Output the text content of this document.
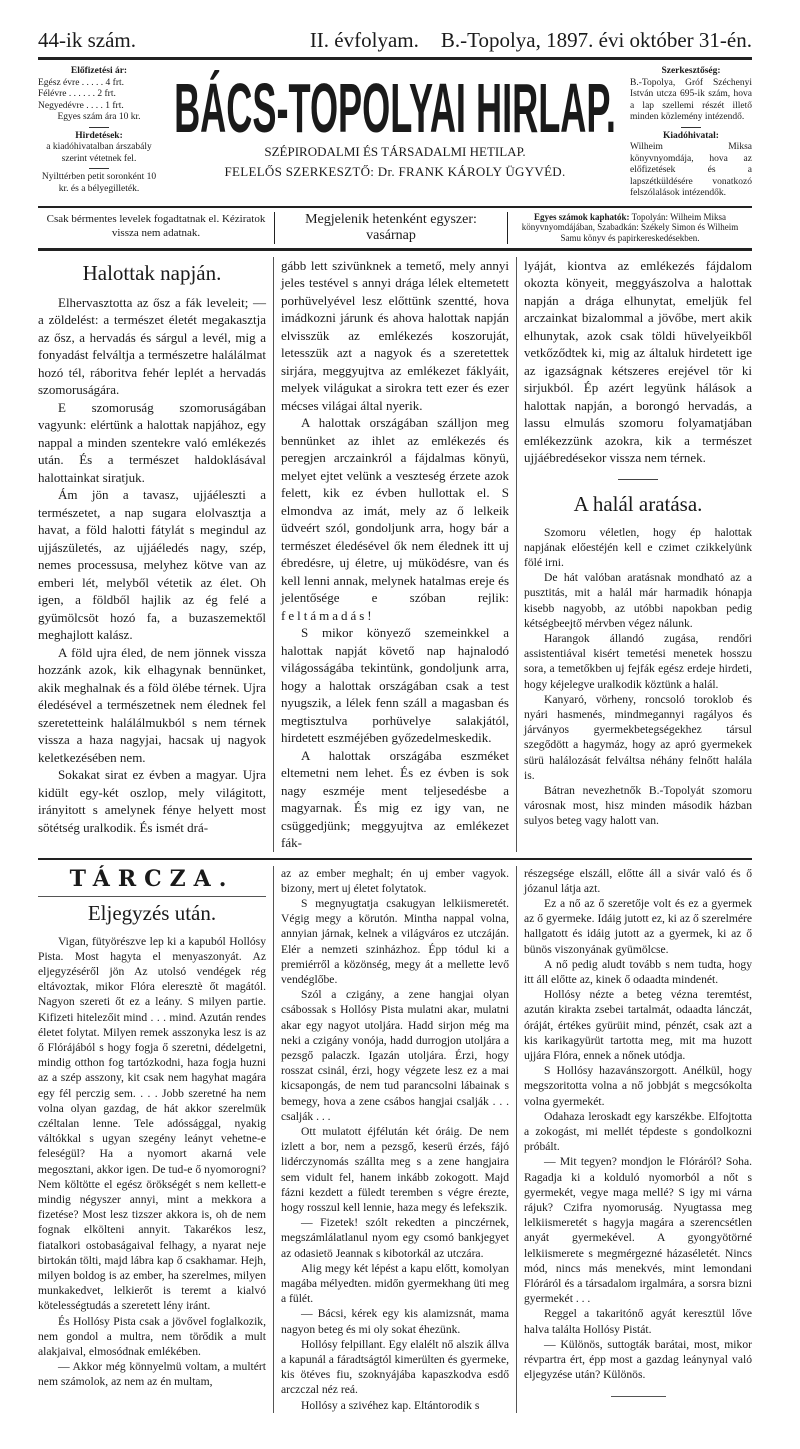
44-ik szám.	II. évfolyam. B.-Topolya, 1897. évi október 31-én.
Előfizetési ár:
Egész évre . . . . . 4 frt.
Félévre . . . . . . 2 frt.
Negyedévre . . . . 1 frt.
Egyes szám ára 10 kr.
Hirdetések:
a kiadóhivatalban árszabály szerint vétetnek fel.
Nyilttérben petit soronként 10 kr. és a bélyegilleték.
BÁCS-TOPOLYAI HIRLAP.
SZÉPIRODALMI ÉS TÁRSADALMI HETILAP.
FELELŐS SZERKESZTŐ: Dr. FRANK KÁROLY ÜGYVÉD.
Szerkesztőség:
B.-Topolya, Gróf Széchenyi István utcza 695-ik szám, hova a lap szellemi részét illető minden közlemény intézendő.
Kiadóhivatal:
Wilheim Miksa könyvnyomdája, hova az előfizetések és a lapszétküldésére vonatkozó felszólalások intézendők.
Csak bérmentes levelek fogadtatnak el. Kéziratok vissza nem adatnak.
Megjelenik hetenként egyszer:
vasárnap
Egyes számok kaphatók: Topolyán: Wilheim Miksa könyvnyomdájában, Szabadkán: Székely Simon és Wilheim Samu könyv és papirkereskedésekben.
Halottak napján.

Elhervasztotta az ősz a fák leveleit; — a zöldelést: a természet életét megakasztja az ősz, a hervadás és sárgul a levél, mig a fonyadást felváltja a természetre halálálmat hozó tél, ráboritva fehér leplét a hervadás szomoruságára.

E szomoruság szomoruságában vagyunk: elértünk a halottak napjához, egy nappal a minden szentekre való emlékezés után. És a természet haldoklásával halottainkat siratjuk.

Ám jön a tavasz, ujjáéleszti a természetet, a nap sugara elolvasztja a havat, a föld halotti fátylát s megindul az ujjászületés, az ujjáéledés nagy, szép, nemes processusa, melyhez kötve van az emberi lét, melyből vétetik az élet. Oh igen, a földből hajlik az ég felé a gyümölcsöt hozó fa, a buzaszemektől meghajlott kalász.

A föld ujra éled, de nem jönnek vissza hozzánk azok, kik elhagynak bennünket, akik meghalnak és a föld ölébe térnek. Ujra éledésével a természetnek nem élednek fel szeretetteink halálálmukból s nem térnek vissza a haza nagyjai, hacsak uj nagyok keletkezésében nem.

Sokakat sirat ez évben a magyar. Ujra kidült egy-két oszlop, mely világitott, irányitott s amelynek fénye helyett most sötétség uralkodik. És ismét drá-

gább lett szivünknek a temető, mely annyi jeles testével s annyi drága lélek eltemetett porhüvelyével lesz előttünk szentté, hova imádkozni járunk és ahova halottak napján elvisszük az emlékezés koszoruját, letesszük azt a nagyok és a szeretettek sirjára, meggyujtva az emlékezet fáklyáit, melyek világukat a sirokra tett ezer és ezer mécses világai által nyerik.

A halottak országában szálljon meg bennünket az ihlet az emlékezés és peregjen arczainkról a fájdalmas könyü, melyet ejtet velünk a veszteség érzete azok felett, kik ez évben hullottak el. S elmondva az imát, mely az ő lelkeik üdveért szól, gondoljunk arra, hogy bár a természet éledésével ők nem élednek itt uj ébredésre, uj életre, uj müködésre, van és kell lenni annak, melynek hatalmas ereje és jelentősége e szóban rejlik: feltámadás!

S mikor könyező szemeinkkel a halottak napját követő nap hajnalodó világosságába tekintünk, gondoljunk arra, hogy a halottak országában csak a test nyugszik, a lélek fenn száll a magasban és megtisztulva porhüvelye salakjától, hirdetett eszméjében győzedelmeskedik.

A halottak országába eszméket eltemetni nem lehet. És ez évben is sok nagy eszméje ment teljesedésbe a magyarnak. És mig ez igy van, ne csüggedjünk; meggyujtva az emlékezet fák-

lyáját, kiontva az emlékezés fájdalom okozta könyeit, meggyászolva a halottak napján a drága elhunytat, emeljük fel arczainkat bizalommal a jövőbe, mert akik elhunytak, azok csak töldi hüvelyeikből vetkőződtek ki, mig az általuk hirdetett ige az igazságnak kétszeres erejével tör ki sirjukból. Ép azért legyünk hálások a halottak napján, a borongó hervadás, a lassu elmulás szomoru folyamatjában emlékezzünk azokra, kik a természet ujjáébredésekor vissza nem térnek.

A halál aratása.

Szomoru véletlen, hogy ép halottak napjának előestéjén kell e czimet czikkelyünk fölé irni.

De hát valóban aratásnak mondható az a pusztitás, mit a halál már harmadik hónapja kisebb nagyobb, az utóbbi napokban pedig kétségbeejtő mérvben végez nálunk.

Harangok állandó zugása, rendőri assistentiával kisért temetési menetek hosszu sora, a temetőkben uj fejfák egész erdeje hirdeti, hogy kéjelegve uralkodik köztünk a halál.

Kanyaró, vörheny, roncsoló toroklob és nyári hasmenés, mindmegannyi ragályos és járványos gyermekbetegségekhez társul szegődött a hagymáz, hogy az apró gyermekek sürü halálozását felváltsa néhány felnőtt halála is.

Bátran nevezhetnők B.-Topolyát szomoru városnak most, hisz minden második házban sulyos beteg vagy halott van.

TÁRCZA.
Eljegyzés után.

Vigan, fütyörészve lep ki a kapuból Hollósy Pista. Most hagyta el menyaszonyát. Az eljegyzéséről jön Az utolsó vendégek rég eltávoztak, mikor Flóra eleresztè őt magától. Nagyon szereti őt ez a leány. S milyen partie. Kifizeti hitelezőit mind . . . mind. Azután rendes életet folytat. Milyen remek asszonyka lesz is az ő Flórájából s hogy fogja ő szeretni, dédelgetni, mindig otthon fog tartózkodni, haza fogja huzni az a szép asszony, kit csak nem hagyhat magára egy fél perczig sem. . . . Jobb szeretné ha nem volna olyan gazdag, de hát akkor szerelmük czéltalan lenne. Tele adóssággal, nyakig váltókkal s ugyan szegény leányt vehetne-e feleségül? Ha a nyomort akarná vele megosztani, akkor igen. De tud-e ő nyomorogni? Nem költötte el egész örökségét s nem kellett-e mindig négyszer annyi, mint a mekkora a fizetése? Most lesz tizszer akkora is, oh de nem fognak elkölteni annyit. Takarékos lesz, fiatalkori ostobaságaival felhagy, a nyarat neje birtokán tölti, majd lábra kap ő csakhamar. Hejh, milyen boldog is az ember, ha szerelmes, milyen munkakedvet, lelkierőt is teremt a kialvó kötelességtudás a szeretett lény iránt.

És Hollósy Pista csak a jövővel foglalkozik, nem gondol a multra, nem törődik a mult alakjaival, elmosódnak emlékében.

— Akkor még könnyelmü voltam, a multért nem számolok, az nem az én multam,

az az ember meghalt; én uj ember vagyok. bizony, mert uj életet folytatok.

S megnyugtatja csakugyan lelkiismeretét. Végig megy a körutón. Mintha nappal volna, annyian járnak, kelnek a világváros ez utczáján. Elér a nemzeti szinházhoz. Épp tódul ki a premiérről a közönség, megy át a mellette levő vendéglőbe.

Szól a czigány, a zene hangjai olyan csábossak s Hollósy Pista mulatni akar, mulatni akar egy nagyot utoljára. Hadd sirjon még ma neki a czigány vonója, hadd durrogjon utoljára a pezsgő palaczk. Igazán utoljára. Érzi, hogy rosszat csinál, érzi, hogy végzete lesz ez a mai kicsapongás, de nem tud parancsolni lábainak s bemegy, hova a zene csábos hangjai csalják . . . csalják . . .

Ott mulatott éjfélután két óráig. De nem izlett a bor, nem a pezsgő, keserü érzés, fájó lidérczynomás szállta meg s a zene hangjaira sem vidult fel, hanem inkább zokogott. Majd fázni kezdett a füledt teremben s végre érezte, hogy rosszul kell lennie, haza megy és lefekszik.

— Fizetek! szólt rekedten a pinczérnek, megszámlálatlanul nyom egy csomó bankjegyet az odasietö Jeannak s kibotorkál az utczára.

Alig megy két lépést a kapu előtt, komolyan magába mélyedten. midőn gyermekhang üti meg a fülét.

— Bácsi, kérek egy kis alamizsnát, mama nagyon beteg és mi oly sokat éhezünk.

Hollósy felpillant. Egy elalélt nő alszik állva a kapunál a fáradtságtól kimerülten és gyermeke, kis ötéves fiu, szoknyájába kapaszkodva esdő arczczal néz reá.

Hollósy a szivéhez kap. Eltántorodik s

részegsége elszáll, előtte áll a sivár való és ő józanul látja azt.

Ez a nő az ő szeretője volt és ez a gyermek az ő gyermeke. Idáig jutott ez, ki az ő szerelmére hallgatott és idáig jutott az a gyermek, ki az ő bünös viszonyának gyümölcse.

A nő pedig aludt tovább s nem tudta, hogy itt áll előtte az, kinek ő odaadta mindenét.

Hollósy nézte a beteg vézna teremtést, azután kirakta zsebei tartalmát, odaadta lánczát, óráját, értékes gyürüit mind, pénzét, csak azt a kis karikagyürüt tartotta meg, mit ma huzott ujjára Flóra, ennek a nőnek utódja.

S Hollósy hazavánszorgott. Anélkül, hogy megszoritotta volna a nő jobbját s megcsókolta volna gyermekét.

Odahaza leroskadt egy karszékbe. Elfojtotta a zokogást, mi mellét tépdeste s gondolkozni próbált.

— Mit tegyen? mondjon le Flóráról? Soha. Ragadja ki a kolduló nyomorból a nőt s gyermekét, vegye maga mellé? S igy mi várna rájuk? Czifra nyomoruság. Nyugtassa meg lelkiismeretét s hagyja magára a szerencsétlen anyát gyermekével. A gyongyötörné lelkiismerete s megmérgezné házaséletét. Nincs mód, nincs más menekvés, mint lemondani Flóráról és a társadalom irgalmára, a sorsra bizni gyermekét . . .

Reggel a takaritónő agyát keresztül lőve halva találta Hollósy Pistát.

— Különös, suttogták barátai, most, mikor révpartra ért, épp most a gazdag leánynyal való eljegyzése után? Különös.
